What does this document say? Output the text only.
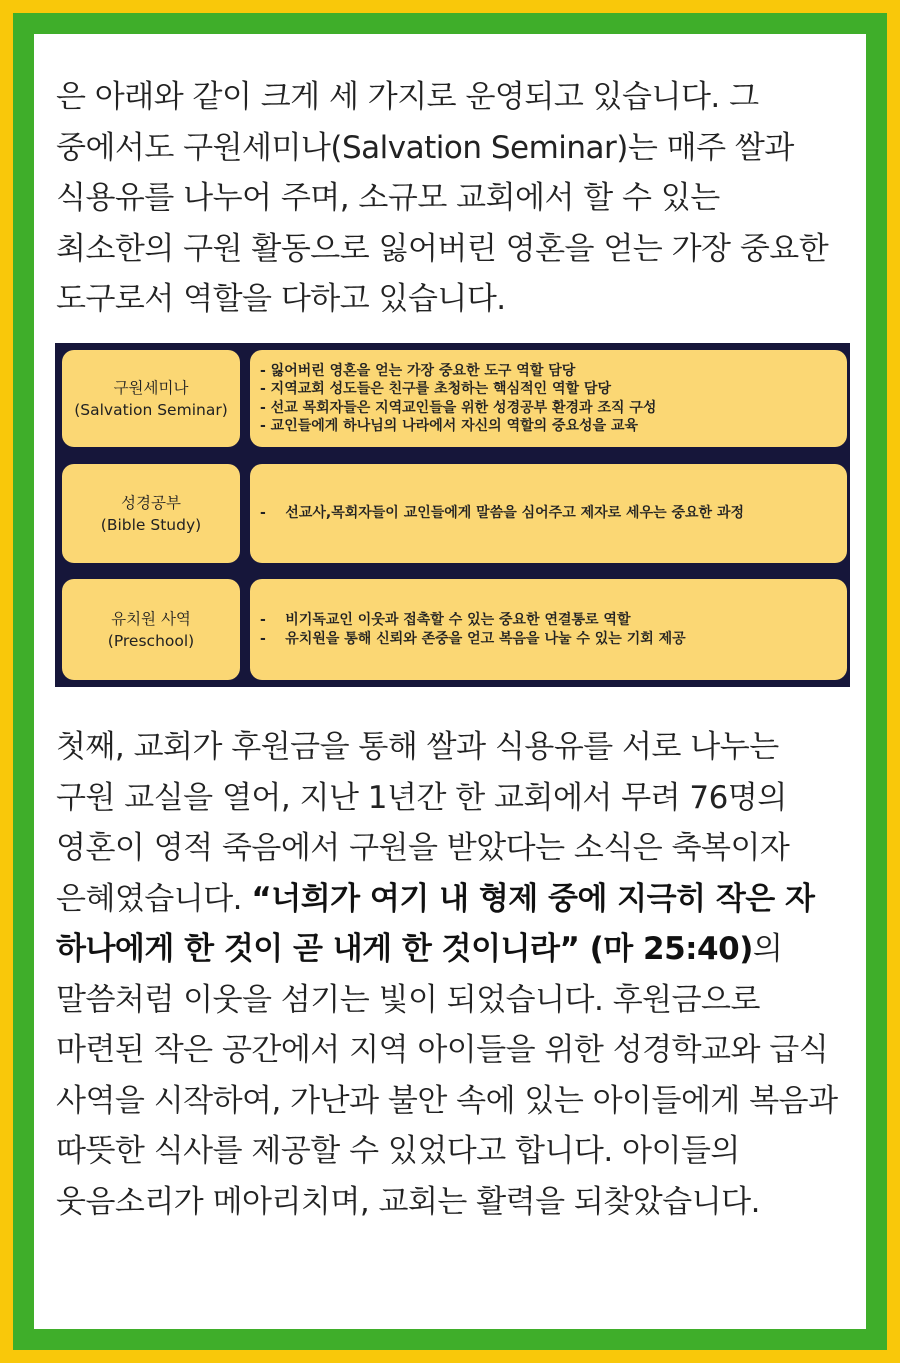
은 아래와 같이 크게 세 가지로 운영되고 있습니다. 그 중에서도 구원세미나(Salvation Seminar)는 매주 쌀과 식용유를 나누어 주며, 소규모 교회에서 할 수 있는 최소한의 구원 활동으로 잃어버린 영혼을 얻는 가장 중요한 도구로서 역할을 다하고 있습니다.

구원세미나
(Salvation Seminar)
- 잃어버린 영혼을 얻는 가장 중요한 도구 역할 담당
- 지역교회 성도들은 친구를 초청하는 핵심적인 역할 담당
- 선교 목회자들은 지역교인들을 위한 성경공부 환경과 조직 구성
- 교인들에게 하나님의 나라에서 자신의 역할의 중요성을 교육
성경공부
(Bible Study)
-    선교사,목회자들이 교인들에게 말씀을 심어주고 제자로 세우는 중요한 과정
유치원 사역
(Preschool)
-    비기독교인 이웃과 접촉할 수 있는 중요한 연결통로 역할
-    유치원을 통해 신뢰와 존중을 얻고 복음을 나눌 수 있는 기회 제공

첫째, 교회가 후원금을 통해 쌀과 식용유를 서로 나누는 구원 교실을 열어, 지난 1년간 한 교회에서 무려 76명의 영혼이 영적 죽음에서 구원을 받았다는 소식은 축복이자 은혜였습니다. “너희가 여기 내 형제 중에 지극히 작은 자 하나에게 한 것이 곧 내게 한 것이니라” (마 25:40)의 말씀처럼 이웃을 섬기는 빛이 되었습니다. 후원금으로 마련된 작은 공간에서 지역 아이들을 위한 성경학교와 급식 사역을 시작하여, 가난과 불안 속에 있는 아이들에게 복음과 따뜻한 식사를 제공할 수 있었다고 합니다. 아이들의 웃음소리가 메아리치며, 교회는 활력을 되찾았습니다.
